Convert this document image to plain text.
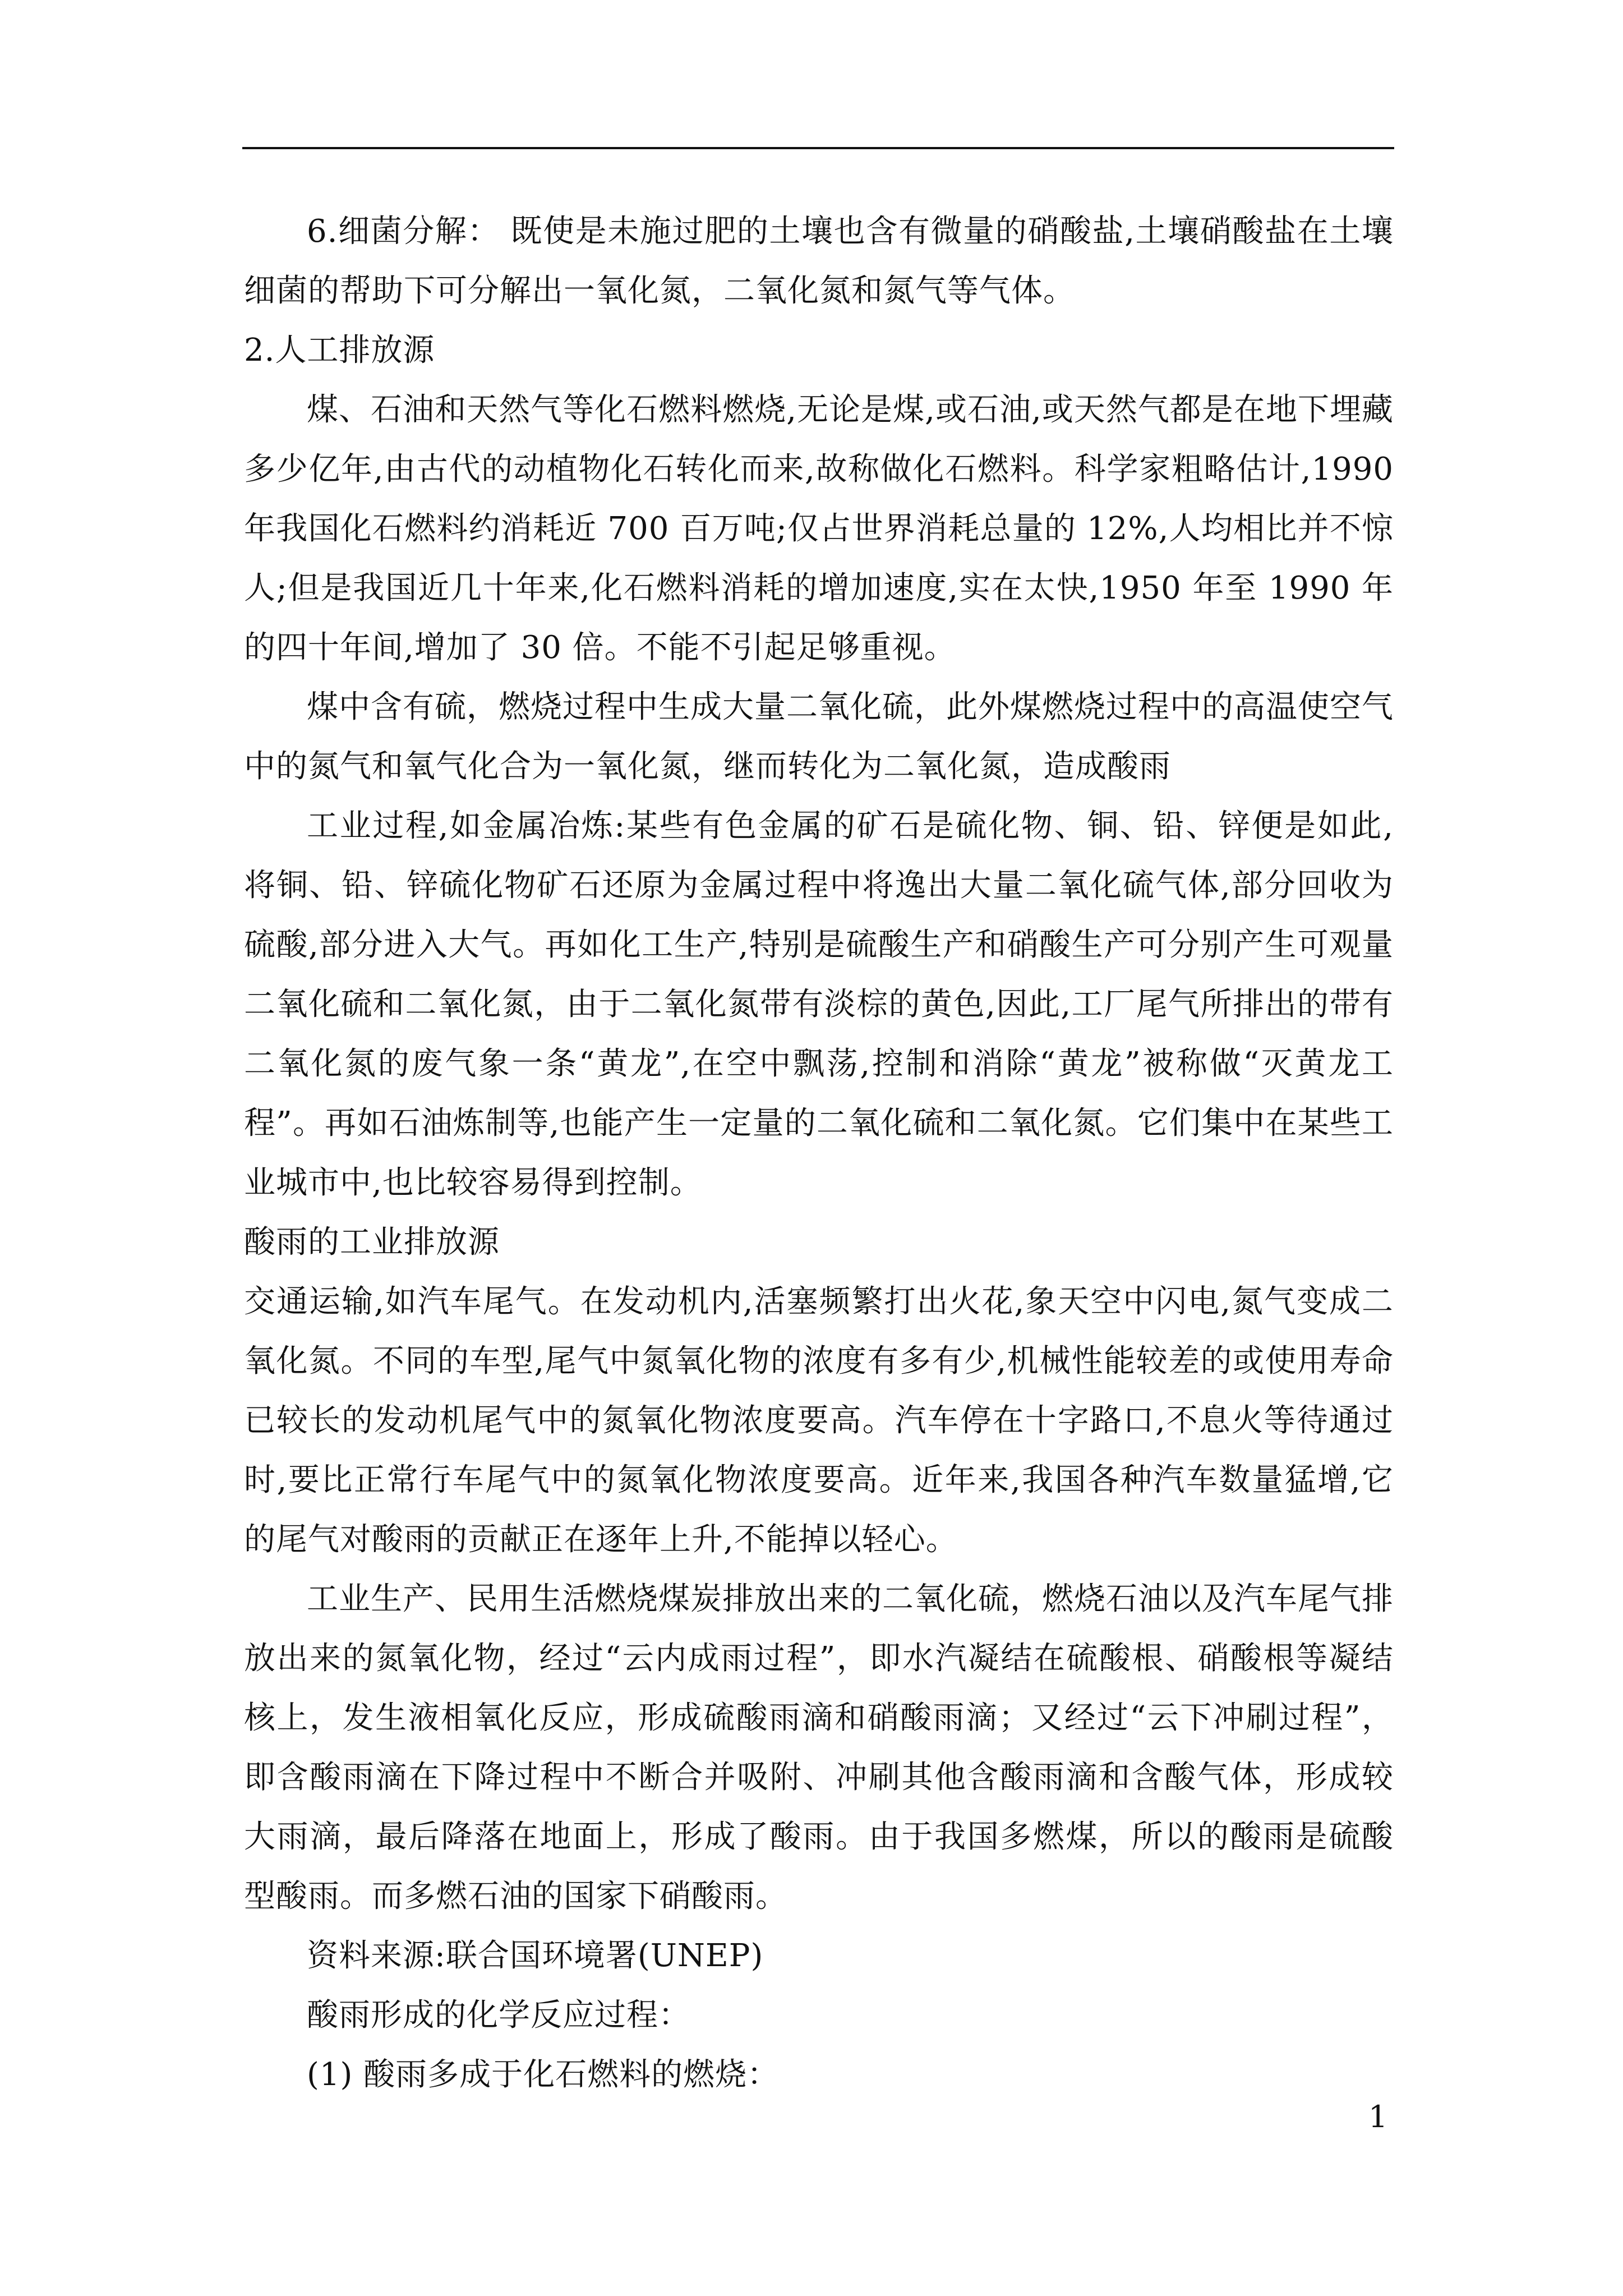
6.细菌分解： 既使是未施过肥的土壤也含有微量的硝酸盐,土壤硝酸盐在土壤细菌的帮助下可分解出一氧化氮，二氧化氮和氮气等气体。

2.人工排放源

煤、石油和天然气等化石燃料燃烧,无论是煤,或石油,或天然气都是在地下埋藏多少亿年,由古代的动植物化石转化而来,故称做化石燃料。科学家粗略估计,1990 年我国化石燃料约消耗近 700 百万吨;仅占世界消耗总量的 12%,人均相比并不惊人;但是我国近几十年来,化石燃料消耗的增加速度,实在太快,1950 年至 1990 年的四十年间,增加了 30 倍。不能不引起足够重视。

煤中含有硫，燃烧过程中生成大量二氧化硫，此外煤燃烧过程中的高温使空气中的氮气和氧气化合为一氧化氮，继而转化为二氧化氮，造成酸雨

工业过程,如金属冶炼:某些有色金属的矿石是硫化物、铜、铅、锌便是如此,将铜、铅、锌硫化物矿石还原为金属过程中将逸出大量二氧化硫气体,部分回收为硫酸,部分进入大气。再如化工生产,特别是硫酸生产和硝酸生产可分别产生可观量二氧化硫和二氧化氮，由于二氧化氮带有淡棕的黄色,因此,工厂尾气所排出的带有二氧化氮的废气象一条“黄龙”,在空中飘荡,控制和消除“黄龙”被称做“灭黄龙工程”。再如石油炼制等,也能产生一定量的二氧化硫和二氧化氮。它们集中在某些工业城市中,也比较容易得到控制。

酸雨的工业排放源

交通运输,如汽车尾气。在发动机内,活塞频繁打出火花,象天空中闪电,氮气变成二氧化氮。不同的车型,尾气中氮氧化物的浓度有多有少,机械性能较差的或使用寿命已较长的发动机尾气中的氮氧化物浓度要高。汽车停在十字路口,不息火等待通过时,要比正常行车尾气中的氮氧化物浓度要高。近年来,我国各种汽车数量猛增,它的尾气对酸雨的贡献正在逐年上升,不能掉以轻心。

工业生产、民用生活燃烧煤炭排放出来的二氧化硫，燃烧石油以及汽车尾气排放出来的氮氧化物，经过“云内成雨过程”，即水汽凝结在硫酸根、硝酸根等凝结核上，发生液相氧化反应，形成硫酸雨滴和硝酸雨滴；又经过“云下冲刷过程”，即含酸雨滴在下降过程中不断合并吸附、冲刷其他含酸雨滴和含酸气体，形成较大雨滴，最后降落在地面上，形成了酸雨。由于我国多燃煤，所以的酸雨是硫酸型酸雨。而多燃石油的国家下硝酸雨。

资料来源:联合国环境署(UNEP)

酸雨形成的化学反应过程：

(1) 酸雨多成于化石燃料的燃烧：

1
